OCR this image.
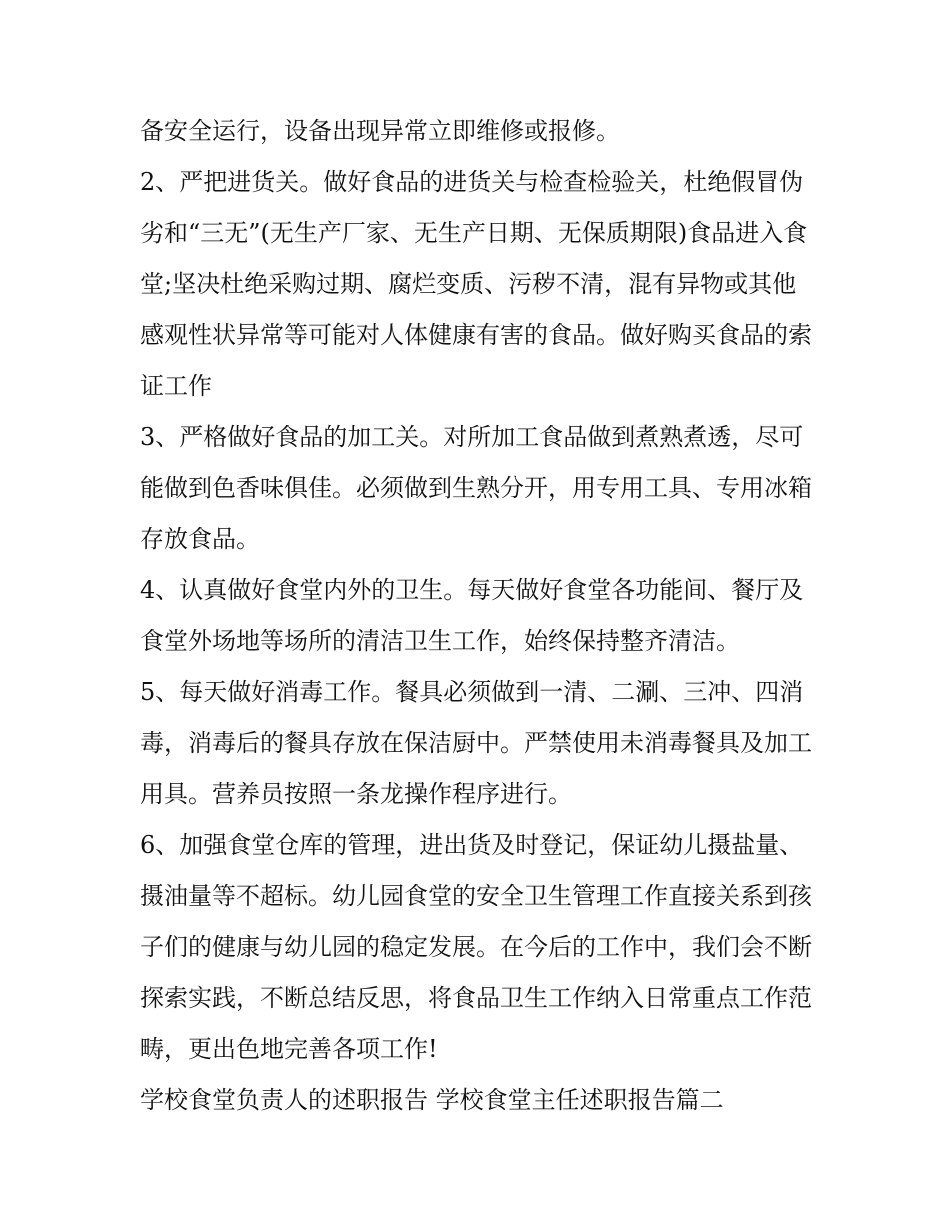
备安全运行，设备出现异常立即维修或报修。

2、严把进货关。做好食品的进货关与检查检验关，杜绝假冒伪劣和“三无”(无生产厂家、无生产日期、无保质期限)食品进入食堂;坚决杜绝采购过期、腐烂变质、污秽不清，混有异物或其他感观性状异常等可能对人体健康有害的食品。做好购买食品的索证工作

3、严格做好食品的加工关。对所加工食品做到煮熟煮透，尽可能做到色香味俱佳。必须做到生熟分开，用专用工具、专用冰箱存放食品。

4、认真做好食堂内外的卫生。每天做好食堂各功能间、餐厅及食堂外场地等场所的清洁卫生工作，始终保持整齐清洁。

5、每天做好消毒工作。餐具必须做到一清、二涮、三冲、四消毒，消毒后的餐具存放在保洁厨中。严禁使用未消毒餐具及加工用具。营养员按照一条龙操作程序进行。

6、加强食堂仓库的管理，进出货及时登记，保证幼儿摄盐量、摄油量等不超标。幼儿园食堂的安全卫生管理工作直接关系到孩子们的健康与幼儿园的稳定发展。在今后的工作中，我们会不断探索实践，不断总结反思，将食品卫生工作纳入日常重点工作范畴，更出色地完善各项工作!

学校食堂负责人的述职报告 学校食堂主任述职报告篇二
